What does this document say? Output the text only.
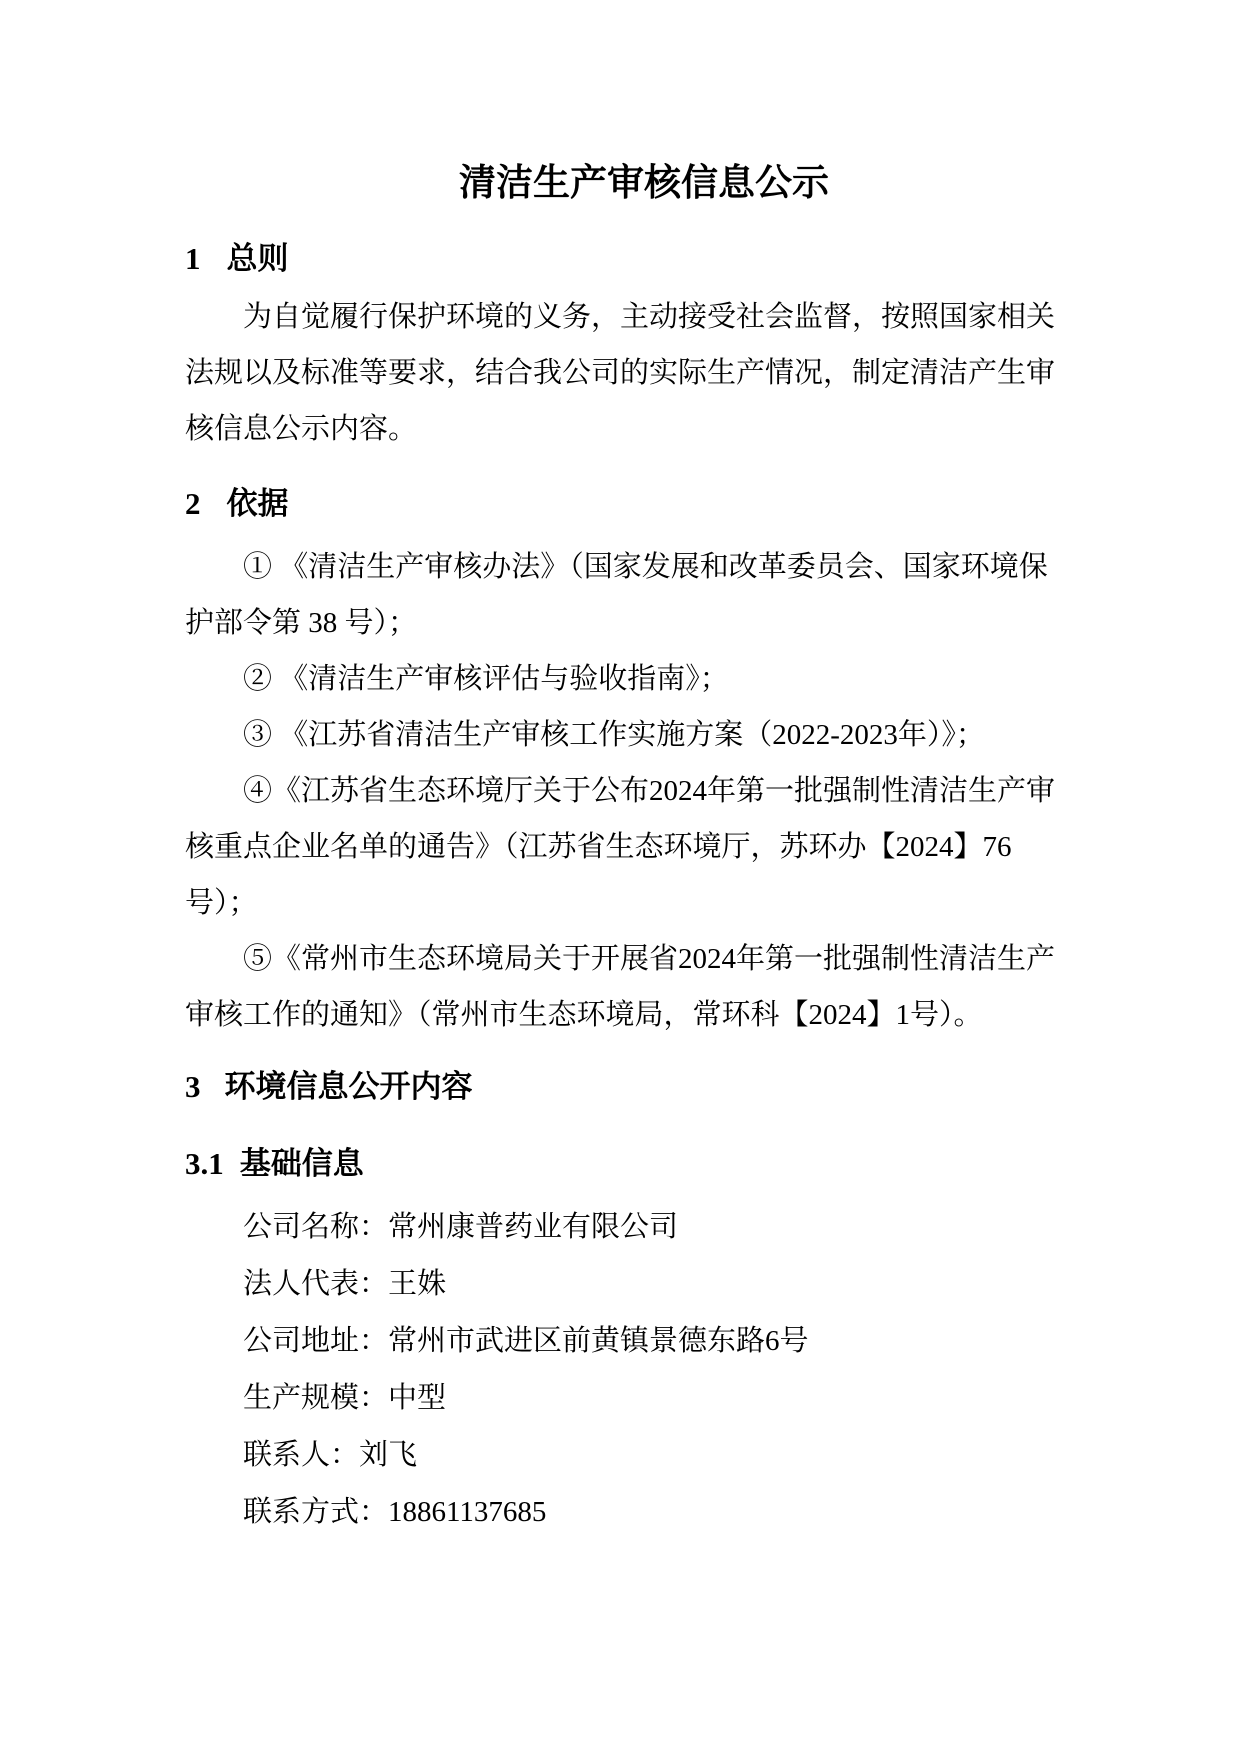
清洁生产审核信息公示
1 总则
为自觉履行保护环境的义务，主动接受社会监督，按照国家相关
法规以及标准等要求，结合我公司的实际生产情况，制定清洁产生审
核信息公示内容。
2 依据
① 《清洁生产审核办法》（国家发展和改革委员会、国家环境保
护部令第 38 号）；
② 《清洁生产审核评估与验收指南》；
③ 《江苏省清洁生产审核工作实施方案（2022-2023年）》；
④《江苏省生态环境厅关于公布2024年第一批强制性清洁生产审
核重点企业名单的通告》（江苏省生态环境厅，苏环办【2024】76
号）；
⑤《常州市生态环境局关于开展省2024年第一批强制性清洁生产
审核工作的通知》（常州市生态环境局，常环科【2024】1号）。
3 环境信息公开内容
3.1 基础信息
公司名称：常州康普药业有限公司
法人代表：王姝
公司地址：常州市武进区前黄镇景德东路6号
生产规模：中型
联系人：刘飞
联系方式：18861137685
